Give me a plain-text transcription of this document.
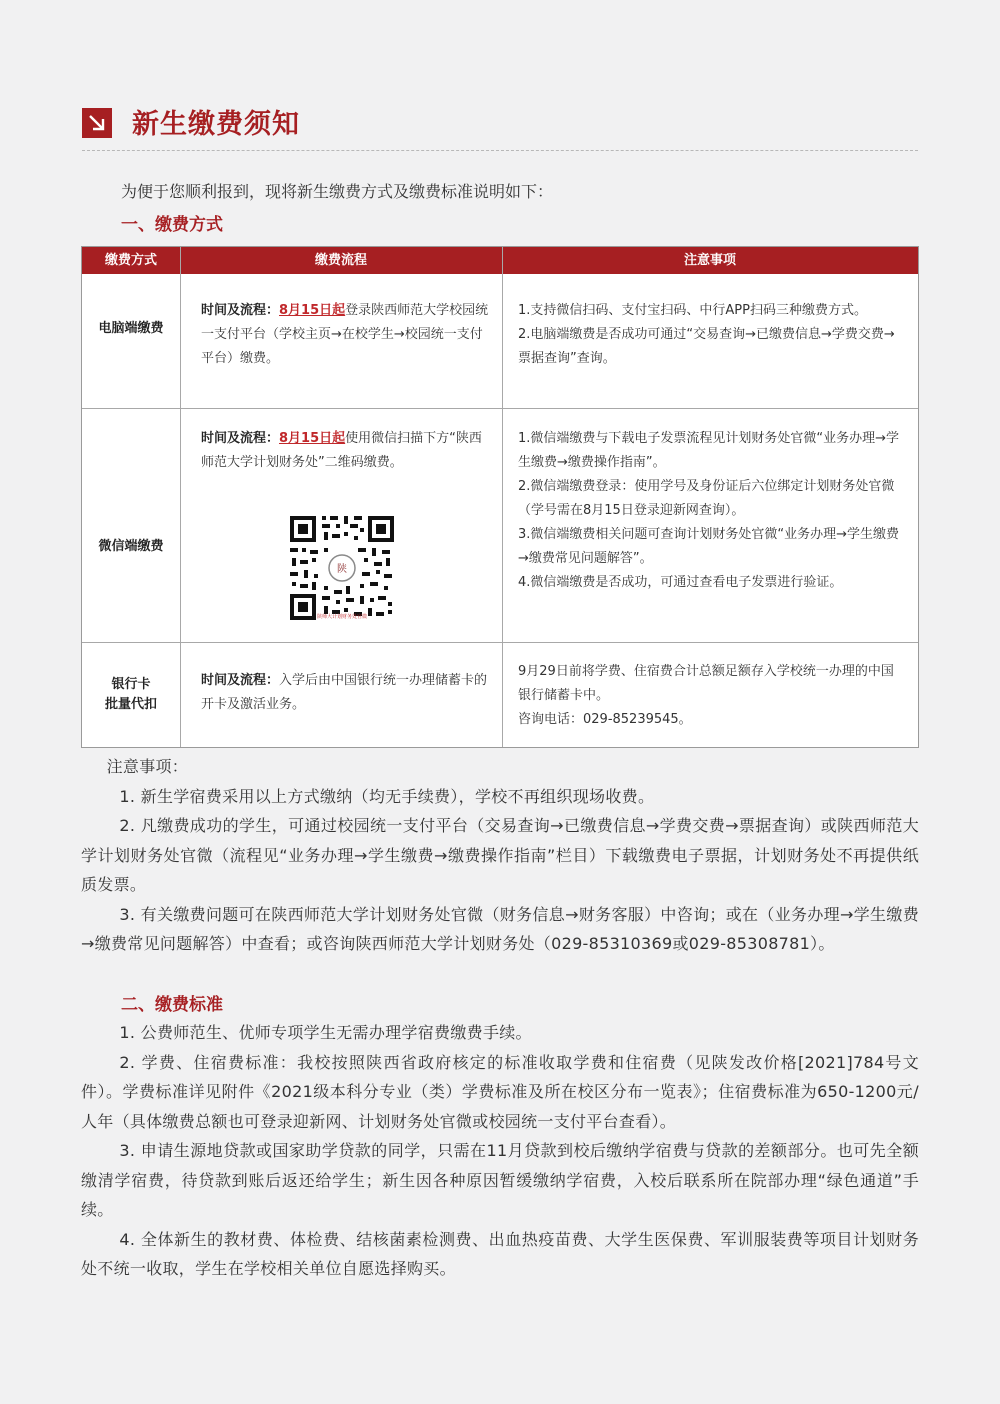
新生缴费须知
为便于您顺利报到，现将新生缴费方式及缴费标准说明如下：
一、缴费方式
缴费方式	缴费流程	注意事项
电脑端缴费
时间及流程：8月15日起登录陕西师范大学校园统一支付平台（学校主页→在校学生→校园统一支付平台）缴费。
1.支持微信扫码、支付宝扫码、中行APP扫码三种缴费方式。
2.电脑端缴费是否成功可通过“交易查询→已缴费信息→学费交费→票据查询”查询。
微信端缴费
时间及流程：8月15日起使用微信扫描下方“陕西师范大学计划财务处”二维码缴费。
陕
陕师大计划财务处官微
1.微信端缴费与下载电子发票流程见计划财务处官微“业务办理→学生缴费→缴费操作指南”。
2.微信端缴费登录：使用学号及身份证后六位绑定计划财务处官微（学号需在8月15日登录迎新网查询）。
3.微信端缴费相关问题可查询计划财务处官微“业务办理→学生缴费→缴费常见问题解答”。
4.微信端缴费是否成功，可通过查看电子发票进行验证。
银行卡
批量代扣
时间及流程：入学后由中国银行统一办理储蓄卡的开卡及激活业务。
9月29日前将学费、住宿费合计总额足额存入学校统一办理的中国银行储蓄卡中。
咨询电话：029-85239545。

注意事项：

1. 新生学宿费采用以上方式缴纳（均无手续费），学校不再组织现场收费。

2. 凡缴费成功的学生，可通过校园统一支付平台（交易查询→已缴费信息→学费交费→票据查询）或陕西师范大学计划财务处官微（流程见“业务办理→学生缴费→缴费操作指南”栏目）下载缴费电子票据，计划财务处不再提供纸质发票。

3. 有关缴费问题可在陕西师范大学计划财务处官微（财务信息→财务客服）中咨询；或在（业务办理→学生缴费→缴费常见问题解答）中查看；或咨询陕西师范大学计划财务处（029-85310369或029-85308781）。

二、缴费标准

1. 公费师范生、优师专项学生无需办理学宿费缴费手续。

2. 学费、住宿费标准：我校按照陕西省政府核定的标准收取学费和住宿费（见陕发改价格[2021]784号文件）。学费标准详见附件《2021级本科分专业（类）学费标准及所在校区分布一览表》；住宿费标准为650-1200元/人年（具体缴费总额也可登录迎新网、计划财务处官微或校园统一支付平台查看）。

3. 申请生源地贷款或国家助学贷款的同学，只需在11月贷款到校后缴纳学宿费与贷款的差额部分。也可先全额缴清学宿费，待贷款到账后返还给学生；新生因各种原因暂缓缴纳学宿费，入校后联系所在院部办理“绿色通道”手续。

4. 全体新生的教材费、体检费、结核菌素检测费、出血热疫苗费、大学生医保费、军训服装费等项目计划财务处不统一收取，学生在学校相关单位自愿选择购买。
